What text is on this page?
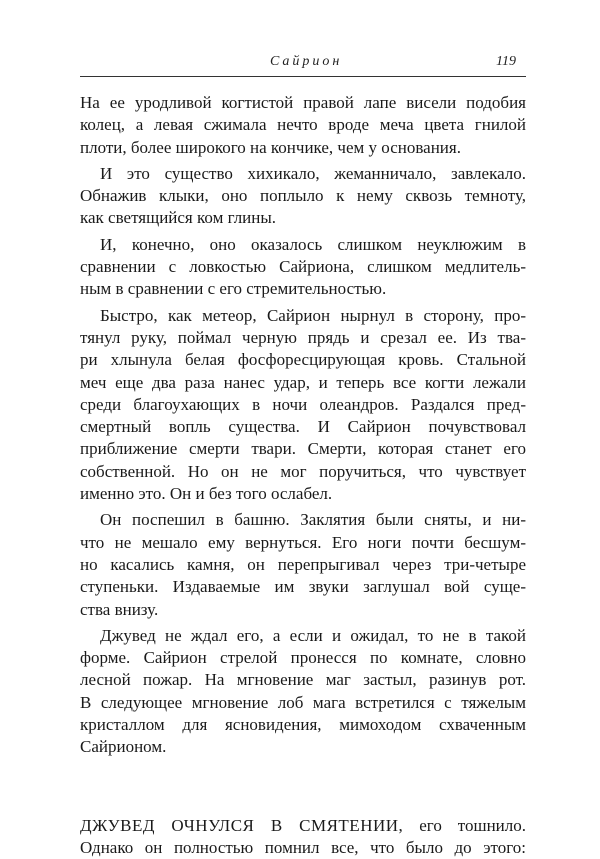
Сайрион	119
На ее уродливой когтистой правой лапе висели подобия
колец, а левая сжимала нечто вроде меча цвета гнилой
плоти, более широкого на кончике, чем у основания.
И это существо хихикало, жеманничало, завлекало.
Обнажив клыки, оно поплыло к нему сквозь темноту,
как светящийся ком глины.
И, конечно, оно оказалось слишком неуклюжим в
сравнении с ловкостью Сайриона, слишком медлитель-
ным в сравнении с его стремительностью.
Быстро, как метеор, Сайрион нырнул в сторону, про-
тянул руку, поймал черную прядь и срезал ее. Из тва-
ри хлынула белая фосфоресцирующая кровь. Стальной
меч еще два раза нанес удар, и теперь все когти лежали
среди благоухающих в ночи олеандров. Раздался пред-
смертный вопль существа. И Сайрион почувствовал
приближение смерти твари. Смерти, которая станет его
собственной. Но он не мог поручиться, что чувствует
именно это. Он и без того ослабел.
Он поспешил в башню. Заклятия были сняты, и ни-
что не мешало ему вернуться. Его ноги почти бесшум-
но касались камня, он перепрыгивал через три-четыре
ступеньки. Издаваемые им звуки заглушал вой суще-
ства внизу.
Джувед не ждал его, а если и ожидал, то не в такой
форме. Сайрион стрелой пронесся по комнате, словно
лесной пожар. На мгновение маг застыл, разинув рот.
В следующее мгновение лоб мага встретился с тяжелым
кристаллом для ясновидения, мимоходом схваченным
Сайрионом.
ДЖУВЕД ОЧНУЛСЯ В СМЯТЕНИИ, его тошнило.
Однако он полностью помнил все, что было до этого:
